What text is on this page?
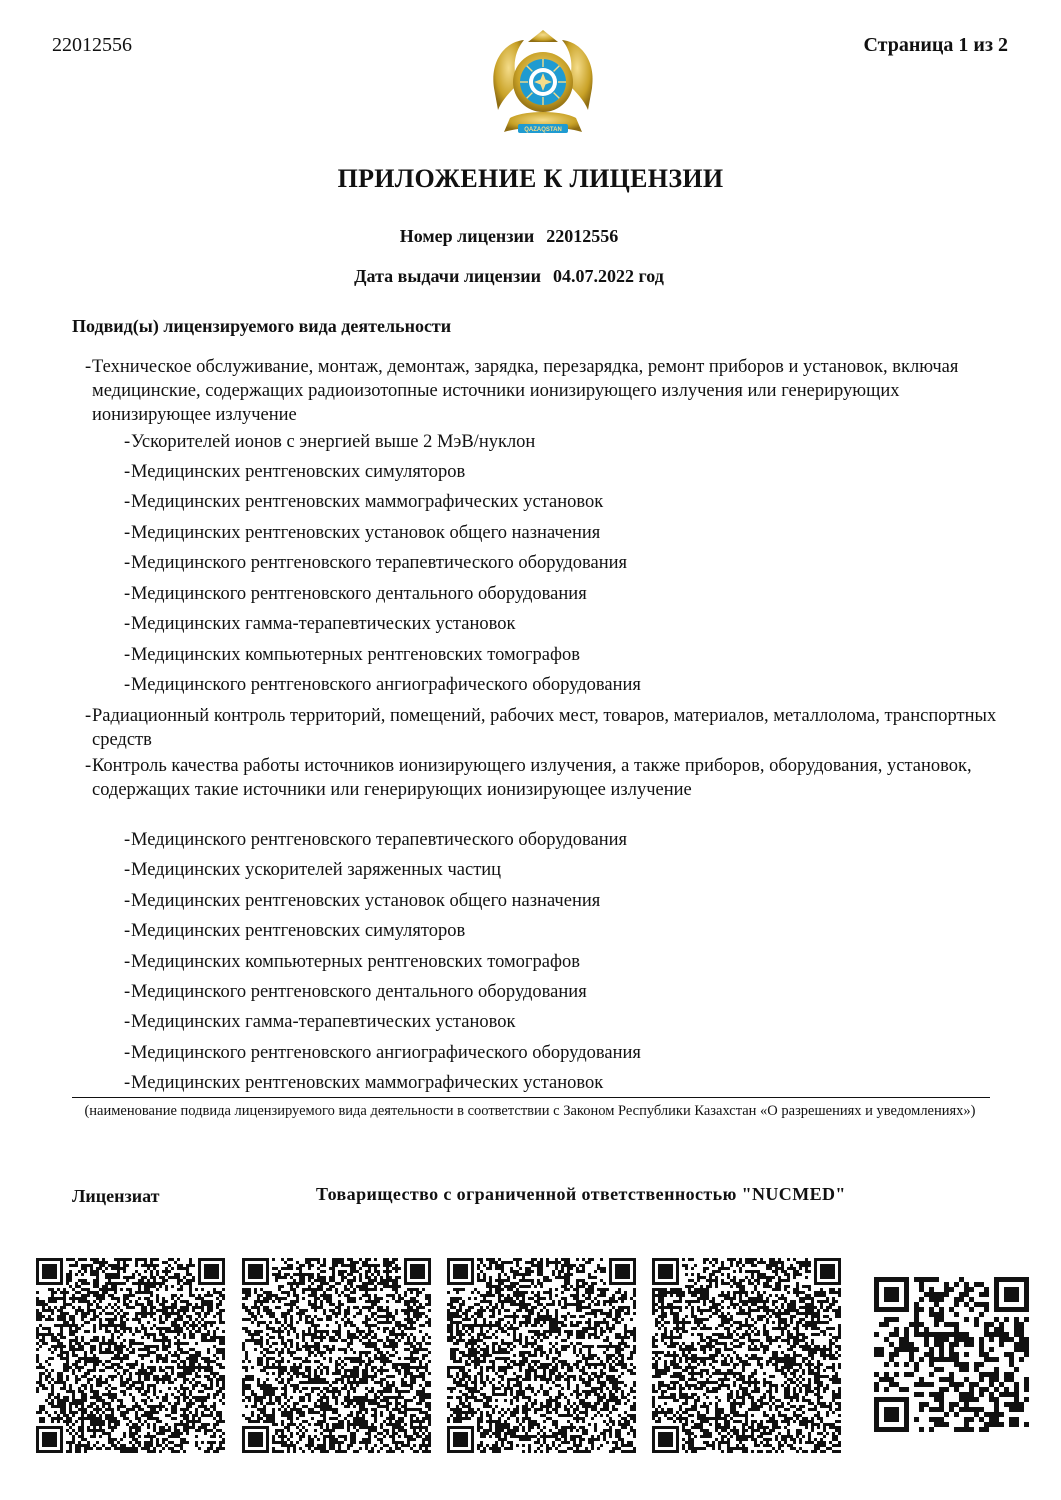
22012556	Страница 1 из 2
QAZAQSTAN
ПРИЛОЖЕНИЕ К ЛИЦЕНЗИИ
Номер лицензии 22012556
Дата выдачи лицензии 04.07.2022 год
Подвид(ы) лицензируемого вида деятельности
- Техническое обслуживание, монтаж, демонтаж, зарядка, перезарядка, ремонт приборов и установок, включая медицинские, содержащих радиоизотопные источники ионизирующего излучения или генерирующих ионизирующее излучение
- Ускорителей ионов с энергией выше 2 МэВ/нуклон
- Медицинских рентгеновских симуляторов
- Медицинских рентгеновских маммографических установок
- Медицинских рентгеновских установок общего назначения
- Медицинского рентгеновского терапевтического оборудования
- Медицинского рентгеновского дентального оборудования
- Медицинских гамма-терапевтических установок
- Медицинских компьютерных рентгеновских томографов
- Медицинского рентгеновского ангиографического оборудования
- Радиационный контроль территорий, помещений, рабочих мест, товаров, материалов, металлолома, транспортных средств
- Контроль качества работы источников ионизирующего излучения, а также приборов, оборудования, установок, содержащих такие источники или генерирующих ионизирующее излучение
- Медицинского рентгеновского терапевтического оборудования
- Медицинских ускорителей заряженных частиц
- Медицинских рентгеновских установок общего назначения
- Медицинских рентгеновских симуляторов
- Медицинских компьютерных рентгеновских томографов
- Медицинского рентгеновского дентального оборудования
- Медицинских гамма-терапевтических установок
- Медицинского рентгеновского ангиографического оборудования
- Медицинских рентгеновских маммографических установок
(наименование подвида лицензируемого вида деятельности в соответствии с Законом Республики Казахстан «О разрешениях и уведомлениях»)
Лицензиат	Товарищество с ограниченной ответственностью "NUCMED"
